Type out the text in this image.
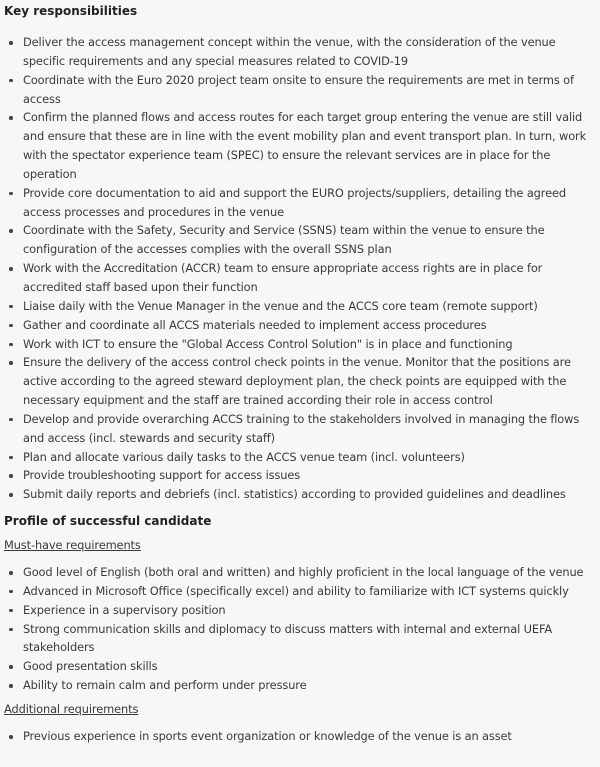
Key responsibilities
Deliver the access management concept within the venue, with the consideration of the venue specific requirements and any special measures related to COVID-19
Coordinate with the Euro 2020 project team onsite to ensure the requirements are met in terms of access
Confirm the planned flows and access routes for each target group entering the venue are still valid and ensure that these are in line with the event mobility plan and event transport plan. In turn, work with the spectator experience team (SPEC) to ensure the relevant services are in place for the operation
Provide core documentation to aid and support the EURO projects/suppliers, detailing the agreed access processes and procedures in the venue
Coordinate with the Safety, Security and Service (SSNS) team within the venue to ensure the configuration of the accesses complies with the overall SSNS plan
Work with the Accreditation (ACCR) team to ensure appropriate access rights are in place for accredited staff based upon their function
Liaise daily with the Venue Manager in the venue and the ACCS core team (remote support)
Gather and coordinate all ACCS materials needed to implement access procedures
Work with ICT to ensure the "Global Access Control Solution" is in place and functioning
Ensure the delivery of the access control check points in the venue. Monitor that the positions are active according to the agreed steward deployment plan, the check points are equipped with the necessary equipment and the staff are trained according their role in access control
Develop and provide overarching ACCS training to the stakeholders involved in managing the flows and access (incl. stewards and security staff)
Plan and allocate various daily tasks to the ACCS venue team (incl. volunteers)
Provide troubleshooting support for access issues
Submit daily reports and debriefs (incl. statistics) according to provided guidelines and deadlines
Profile of successful candidate
Must-have requirements
Good level of English (both oral and written) and highly proficient in the local language of the venue
Advanced in Microsoft Office (specifically excel) and ability to familiarize with ICT systems quickly
Experience in a supervisory position
Strong communication skills and diplomacy to discuss matters with internal and external UEFA stakeholders
Good presentation skills
Ability to remain calm and perform under pressure
Additional requirements
Previous experience in sports event organization or knowledge of the venue is an asset
